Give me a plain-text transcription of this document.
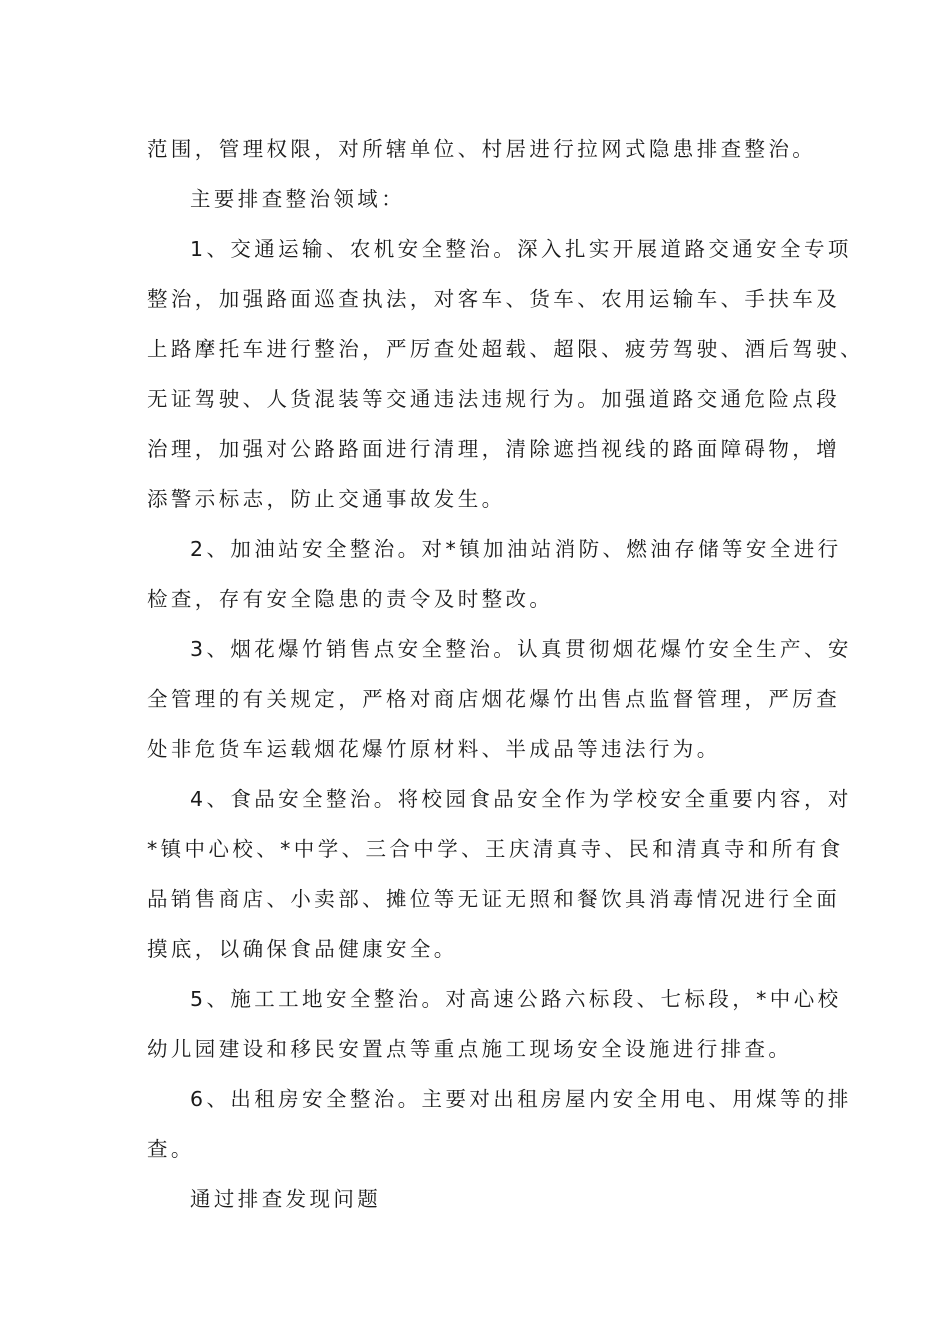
范围，管理权限，对所辖单位、村居进行拉网式隐患排查整治。
主要排查整治领域：
1、交通运输、农机安全整治。深入扎实开展道路交通安全专项
整治，加强路面巡查执法，对客车、货车、农用运输车、手扶车及
上路摩托车进行整治，严厉查处超载、超限、疲劳驾驶、酒后驾驶、
无证驾驶、人货混装等交通违法违规行为。加强道路交通危险点段
治理，加强对公路路面进行清理，清除遮挡视线的路面障碍物，增
添警示标志，防止交通事故发生。
2、加油站安全整治。对*镇加油站消防、燃油存储等安全进行
检查，存有安全隐患的责令及时整改。
3、烟花爆竹销售点安全整治。认真贯彻烟花爆竹安全生产、安
全管理的有关规定，严格对商店烟花爆竹出售点监督管理，严厉查
处非危货车运载烟花爆竹原材料、半成品等违法行为。
4、食品安全整治。将校园食品安全作为学校安全重要内容，对
*镇中心校、*中学、三合中学、王庆清真寺、民和清真寺和所有食
品销售商店、小卖部、摊位等无证无照和餐饮具消毒情况进行全面
摸底，以确保食品健康安全。
5、施工工地安全整治。对高速公路六标段、七标段，*中心校
幼儿园建设和移民安置点等重点施工现场安全设施进行排查。
6、出租房安全整治。主要对出租房屋内安全用电、用煤等的排
查。
通过排查发现问题
